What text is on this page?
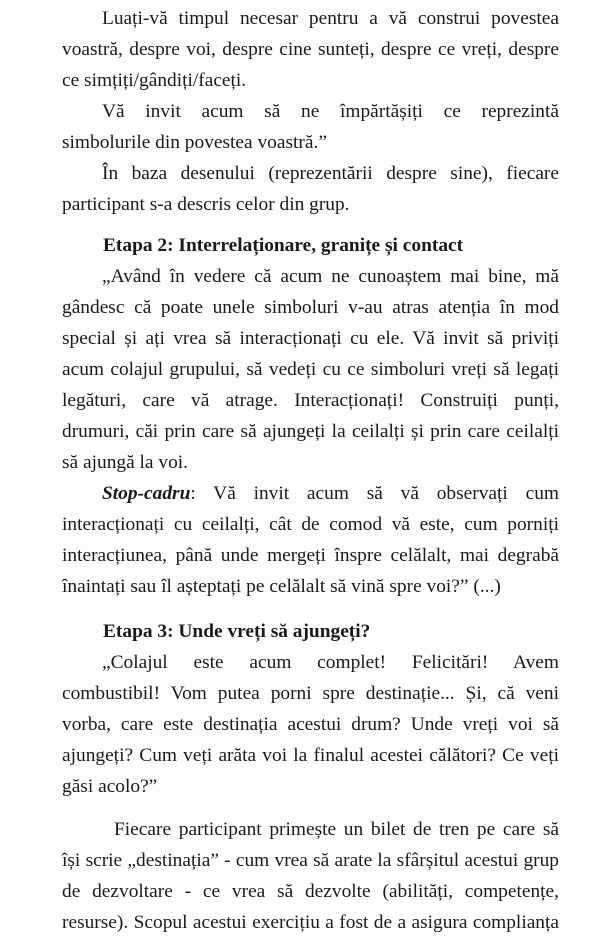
Luați-vă timpul necesar pentru a vă construi povestea
voastră, despre voi, despre cine sunteți, despre ce vreți, despre
ce simțiți/gândiți/faceți.

Vă invit acum să ne împărtășiți ce reprezintă
simbolurile din povestea voastră.”

În baza desenului (reprezentării despre sine), fiecare
participant s-a descris celor din grup.

Etapa 2: Interrelaționare, granițe și contact

„Având în vedere că acum ne cunoaștem mai bine, mă
gândesc că poate unele simboluri v-au atras atenția în mod
special și ați vrea să interacționați cu ele. Vă invit să priviți
acum colajul grupului, să vedeți cu ce simboluri vreți să legați
legături, care vă atrage. Interacționați! Construiți punți,
drumuri, căi prin care să ajungeți la ceilalți și prin care ceilalți
să ajungă la voi.

Stop-cadru: Vă invit acum să vă observați cum
interacționați cu ceilalți, cât de comod vă este, cum porniți
interacțiunea, până unde mergeți înspre celălalt, mai degrabă
înaintați sau îl așteptați pe celălalt să vină spre voi?” (...)

Etapa 3: Unde vreți să ajungeți?

„Colajul este acum complet! Felicitări! Avem
combustibil! Vom putea porni spre destinație... Și, că veni
vorba, care este destinația acestui drum? Unde vreți voi să
ajungeți? Cum veți arăta voi la finalul acestei călători? Ce veți
găsi acolo?”

Fiecare participant primește un bilet de tren pe care să
își scrie „destinația” - cum vrea să arate la sfârșitul acestui grup
de dezvoltare - ce vrea să dezvolte (abilități, competențe,
resurse). Scopul acestui exercițiu a fost de a asigura complianța
